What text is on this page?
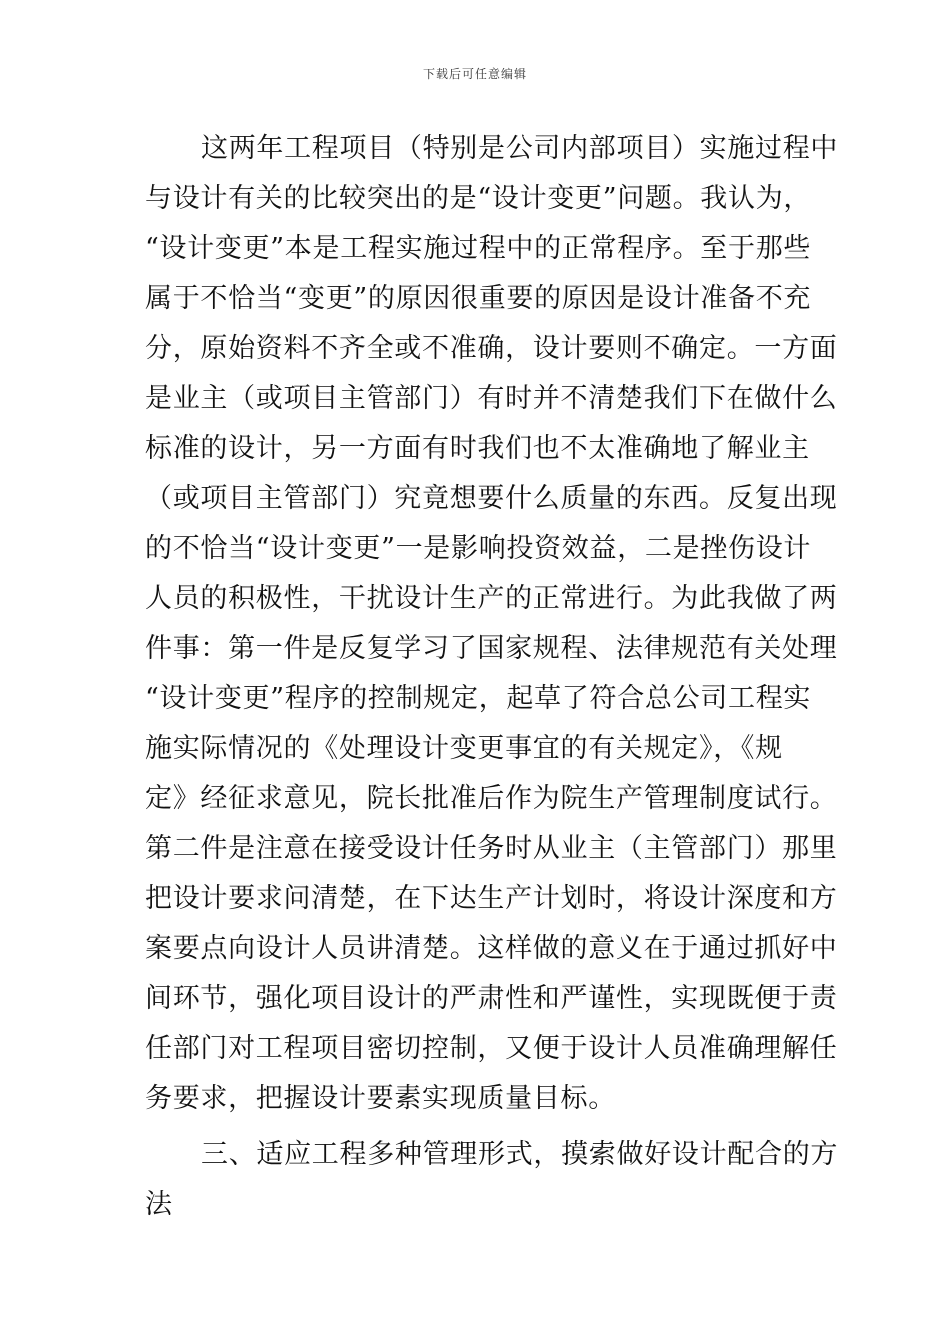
下载后可任意编辑
这两年工程项目（特别是公司内部项目）实施过程中
与设计有关的比较突出的是“设计变更”问题。我认为，
“设计变更”本是工程实施过程中的正常程序。至于那些
属于不恰当“变更”的原因很重要的原因是设计准备不充
分，原始资料不齐全或不准确，设计要则不确定。一方面
是业主（或项目主管部门）有时并不清楚我们下在做什么
标准的设计，另一方面有时我们也不太准确地了解业主
（或项目主管部门）究竟想要什么质量的东西。反复出现
的不恰当“设计变更”一是影响投资效益，二是挫伤设计
人员的积极性，干扰设计生产的正常进行。为此我做了两
件事：第一件是反复学习了国家规程、法律规范有关处理
“设计变更”程序的控制规定，起草了符合总公司工程实
施实际情况的《处理设计变更事宜的有关规定》，《规
定》经征求意见，院长批准后作为院生产管理制度试行。
第二件是注意在接受设计任务时从业主（主管部门）那里
把设计要求问清楚，在下达生产计划时，将设计深度和方
案要点向设计人员讲清楚。这样做的意义在于通过抓好中
间环节，强化项目设计的严肃性和严谨性，实现既便于责
任部门对工程项目密切控制，又便于设计人员准确理解任
务要求，把握设计要素实现质量目标。
三、适应工程多种管理形式，摸索做好设计配合的方
法
